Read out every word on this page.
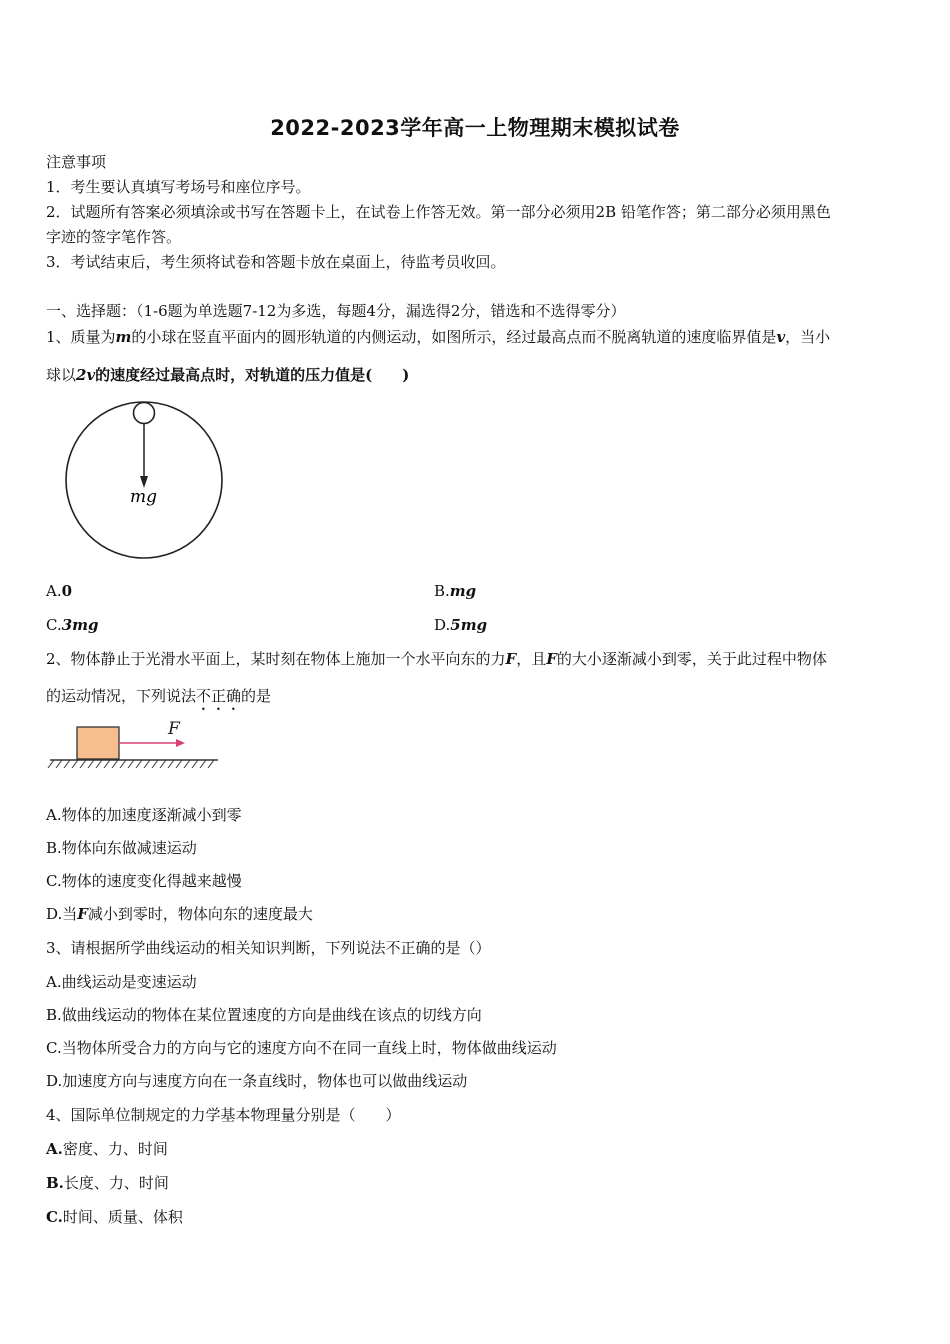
2022-2023学年高一上物理期末模拟试卷
注意事项
1．考生要认真填写考场号和座位序号。
2．试题所有答案必须填涂或书写在答题卡上，在试卷上作答无效。第一部分必须用2B 铅笔作答；第二部分必须用黑色
字迹的签字笔作答。
3．考试结束后，考生须将试卷和答题卡放在桌面上，待监考员收回。
一、选择题：（1-6题为单选题7-12为多选，每题4分，漏选得2分，错选和不选得零分）
1、质量为m的小球在竖直平面内的圆形轨道的内侧运动，如图所示，经过最高点而不脱离轨道的速度临界值是v，当小
球以2v的速度经过最高点时，对轨道的压力值是(　　)
mg
A.0	B.mg
C.3mg	D.5mg
2、物体静止于光滑水平面上，某时刻在物体上施加一个水平向东的力F，且F的大小逐渐减小到零，关于此过程中物体
的运动情况，下列说法不正确的是
F
A.物体的加速度逐渐减小到零
B.物体向东做减速运动
C.物体的速度变化得越来越慢
D.当F减小到零时，物体向东的速度最大
3、请根据所学曲线运动的相关知识判断，下列说法不正确的是（）
A.曲线运动是变速运动
B.做曲线运动的物体在某位置速度的方向是曲线在该点的切线方向
C.当物体所受合力的方向与它的速度方向不在同一直线上时，物体做曲线运动
D.加速度方向与速度方向在一条直线时，物体也可以做曲线运动
4、国际单位制规定的力学基本物理量分别是（　　）
A.密度、力、时间
B.长度、力、时间
C.时间、质量、体积
